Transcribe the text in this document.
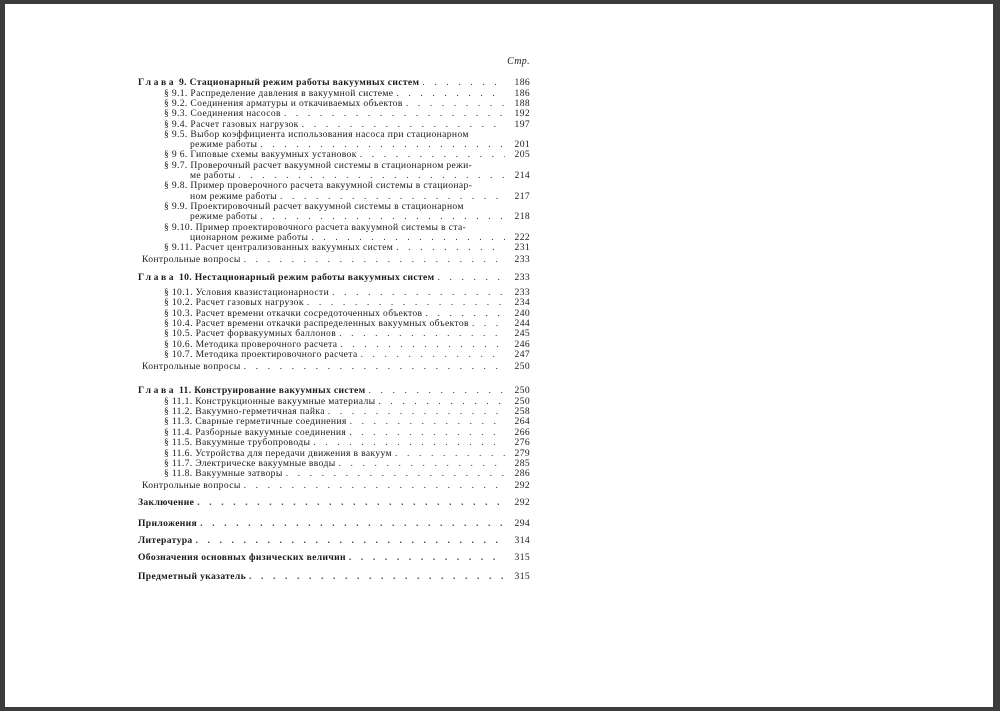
Стр.
Глава 9. Стационарный режим работы вакуумных систем . . .	186
§ 9.1. Распределение давления в вакуумной системе . . .	186
§ 9.2. Соединения арматуры и откачиваемых объектов . . .	188
§ 9.3. Соединения насосов . . .	192
§ 9.4. Расчет газовых нагрузок . . .	197
§ 9.5. Выбор коэффициента использования насоса при стационарном
режиме работы . . .	201
§ 9 6. Гиповые схемы вакуумных установок . . .	205
§ 9.7. Проверочный расчет вакуумной системы в стационарном режи-
ме работы . . .	214
§ 9.8. Пример проверочного расчета вакуумной системы в стационар-
ном режиме работы . . .	217
§ 9.9. Проектировочный расчет вакуумной системы в стационарном
режиме работы . . .	218
§ 9.10. Пример проектировочного расчета вакуумной системы в ста-
ционарном режиме работы . . .	222
§ 9.11. Расчет централизованных вакуумных систем . . .	231
Контрольные вопросы . . .	233
Глава 10. Нестационарный режим работы вакуумных систем . . .	233
§ 10.1. Условия квазистационарности . . .	233
§ 10.2. Расчет газовых нагрузок . . .	234
§ 10.3. Расчет времени откачки сосредоточенных объектов . . .	240
§ 10.4. Расчет времени откачки распределенных вакуумных объектов . . .	244
§ 10.5. Расчет форвакуумных баллонов . . .	245
§ 10.6. Методика проверочного расчета . . .	246
§ 10.7. Методика проектировочного расчета . . .	247
Контрольные вопросы . . .	250
Глава 11. Конструирование вакуумных систем . . .	250
§ 11.1. Конструкционные вакуумные материалы . . .	250
§ 11.2. Вакуумно-герметичная пайка . . .	258
§ 11.3. Сварные герметичные соединения . . .	264
§ 11.4. Разборные вакуумные соединения . . .	266
§ 11.5. Вакуумные трубопроводы . . .	276
§ 11.6. Устройства для передачи движения в вакуум . . .	279
§ 11.7. Электрическе вакуумные вводы . . .	285
§ 11.8. Вакуумные затворы . . .	286
Контрольные вопросы . . .	292
Заключение . . .	292
Приложения . . .	294
Литература . . .	314
Обозначения основных физических величин . . .	315
Предметный указатель . . .	315
